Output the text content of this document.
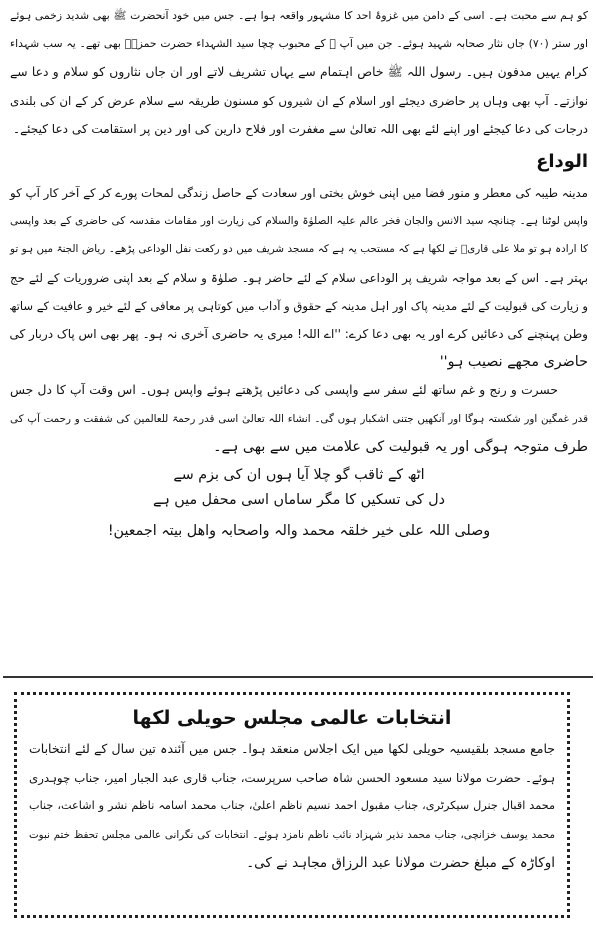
کو ہم سے محبت ہے۔ اسی کے دامن میں غزوۂ احد کا مشہور واقعہ ہوا ہے۔ جس میں خود آنحضرت ﷺ بھی شدید زخمی ہوئے

اور ستر (۷۰) جاں نثار صحابہ شہید ہوئے۔ جن میں آپ ﷺ کے محبوب چچا سید الشہداء حضرت حمزہؓ بھی تھے۔ یہ سب شہداء

کرام یہیں مدفون ہیں۔ رسول اللہ ﷺ خاص اہتمام سے یہاں تشریف لاتے اور ان جاں نثاروں کو سلام و دعا سے

نوازتے۔ آپ بھی وہاں پر حاضری دیجئے اور اسلام کے ان شیروں کو مسنون طریقہ سے سلام عرض کر کے ان کی بلندی

درجات کی دعا کیجئے اور اپنے لئے بھی اللہ تعالیٰ سے مغفرت اور فلاح دارین کی اور دین پر استقامت کی دعا کیجئے۔

الوداع

مدینہ طیبہ کی معطر و منور فضا میں اپنی خوش بختی اور سعادت کے حاصل زندگی لمحات پورے کر کے آخر کار آپ کو

واپس لوٹنا ہے۔ چنانچہ سید الانس والجان فخر عالم علیہ الصلوٰۃ والسلام کی زیارت اور مقامات مقدسہ کی حاضری کے بعد واپسی

کا ارادہ ہو تو ملا علی قاریؒ نے لکھا ہے کہ مستحب یہ ہے کہ مسجد شریف میں دو رکعت نفل الوداعی پڑھے۔ ریاض الجنۃ میں ہو تو

بہتر ہے۔ اس کے بعد مواجہ شریف پر الوداعی سلام کے لئے حاضر ہو۔ صلوٰۃ و سلام کے بعد اپنی ضروریات کے لئے حج

و زیارت کی قبولیت کے لئے مدینہ پاک اور اہل مدینہ کے حقوق و آداب میں کوتاہی پر معافی کے لئے خیر و عافیت کے ساتھ

وطن پہنچنے کی دعائیں کرے اور یہ بھی دعا کرے: ''اے اللہ! میری یہ حاضری آخری نہ ہو۔ پھر بھی اس پاک دربار کی

حاضری مجھے نصیب ہو''

حسرت و رنج و غم ساتھ لئے سفر سے واپسی کی دعائیں پڑھتے ہوئے واپس ہوں۔ اس وقت آپ کا دل جس

قدر غمگین اور شکستہ ہوگا اور آنکھیں جتنی اشکبار ہوں گی۔ انشاء اللہ تعالیٰ اسی قدر رحمۃ للعالمین کی شفقت و رحمت آپ کی

طرف متوجہ ہوگی اور یہ قبولیت کی علامت میں سے بھی ہے۔

اٹھ کے ثاقب گو چلا آیا ہوں ان کی بزم سے

دل کی تسکیں کا مگر ساماں اسی محفل میں ہے

وصلی اللہ علی خیر خلقہ محمد والہ واصحابہ واھل بیتہ اجمعین!
انتخابات عالمی مجلس حویلی لکھا

جامع مسجد بلقیسیہ حویلی لکھا میں ایک اجلاس منعقد ہوا۔ جس میں آئندہ تین سال کے لئے انتخابات

ہوئے۔ حضرت مولانا سید مسعود الحسن شاہ صاحب سرپرست، جناب قاری عبد الجبار امیر، جناب چوہدری

محمد اقبال جنرل سیکرٹری، جناب مقبول احمد نسیم ناظم اعلیٰ، جناب محمد اسامہ ناظم نشر و اشاعت، جناب

محمد یوسف خزانچی، جناب محمد نذیر شہزاد نائب ناظم نامزد ہوئے۔ انتخابات کی نگرانی عالمی مجلس تحفظ ختم نبوت

اوکاڑہ کے مبلغ حضرت مولانا عبد الرزاق مجاہد نے کی۔
